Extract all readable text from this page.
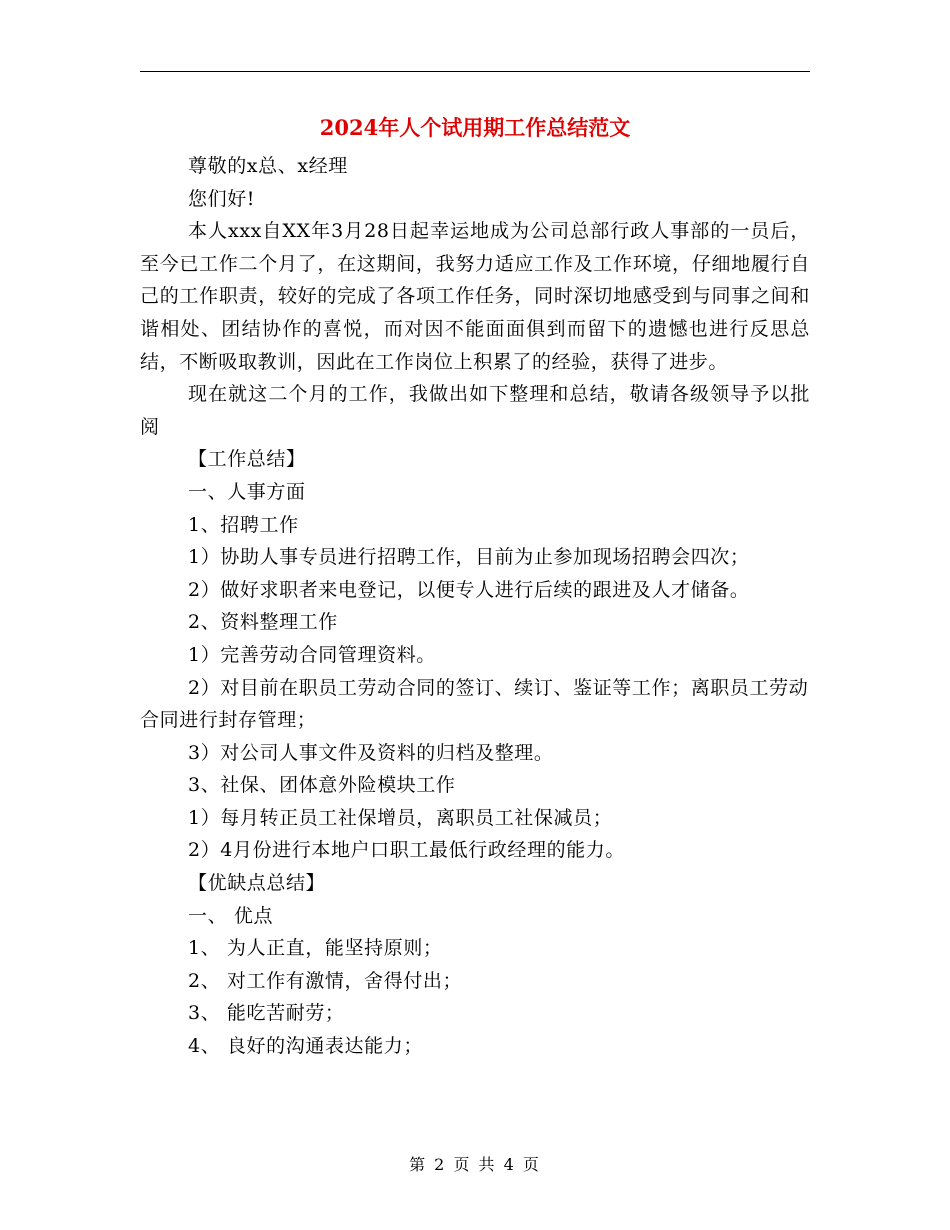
2024年人个试用期工作总结范文

尊敬的x总、x经理

您们好!

本人xxx自XX年3月28日起幸运地成为公司总部行政人事部的一员后，至今已工作二个月了，在这期间，我努力适应工作及工作环境，仔细地履行自己的工作职责，较好的完成了各项工作任务，同时深切地感受到与同事之间和谐相处、团结协作的喜悦，而对因不能面面俱到而留下的遗憾也进行反思总结，不断吸取教训，因此在工作岗位上积累了的经验，获得了进步。

现在就这二个月的工作，我做出如下整理和总结，敬请各级领导予以批阅

【工作总结】

一、人事方面

1、招聘工作

1）协助人事专员进行招聘工作，目前为止参加现场招聘会四次；

2）做好求职者来电登记，以便专人进行后续的跟进及人才储备。

2、资料整理工作

1）完善劳动合同管理资料。

2）对目前在职员工劳动合同的签订、续订、鉴证等工作；离职员工劳动合同进行封存管理；

3）对公司人事文件及资料的归档及整理。

3、社保、团体意外险模块工作

1）每月转正员工社保增员，离职员工社保减员；

2）4月份进行本地户口职工最低行政经理的能力。

【优缺点总结】

一、 优点

1、 为人正直，能坚持原则；

2、 对工作有激情，舍得付出；

3、 能吃苦耐劳；

4、 良好的沟通表达能力；

第 2 页 共 4 页
